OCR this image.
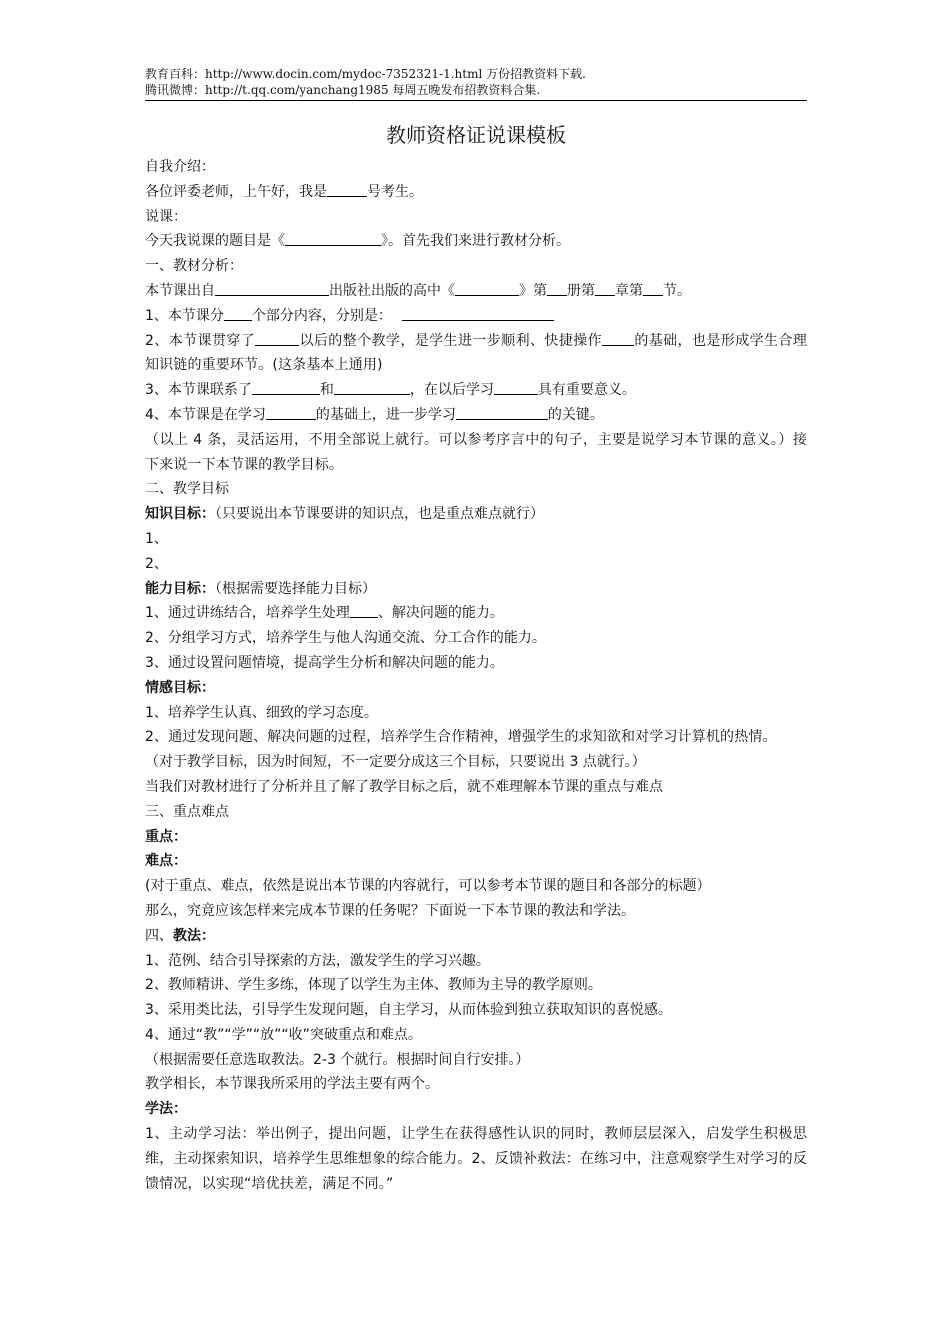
教育百科：http://www.docin.com/mydoc-7352321-1.html 万份招教资料下载.
腾讯微博：http://t.qq.com/yanchang1985 每周五晚发布招教资料合集.
教师资格证说课模板
自我介绍：
各位评委老师，上午好，我是	号考生。
说课：
今天我说课的题目是《	》。首先我们来进行教材分析。
一、教材分析：
本节课出自	出版社出版的高中《	》第 册第 章第 节。
1、本节课分 个部分内容，分别是：
2、本节课贯穿了	以后的整个教学，是学生进一步顺利、快捷操作 的基础，也是形成学生合理知识链的重要环节。(这条基本上通用)
3、本节课联系了	和	，在以后学习	具有重要意义。
4、本节课是在学习	的基础上，进一步学习	的关键。
（以上 4 条，灵活运用，不用全部说上就行。可以参考序言中的句子，主要是说学习本节课的意义。）接下来说一下本节课的教学目标。
二、教学目标
知识目标：（只要说出本节课要讲的知识点，也是重点难点就行）
1、
2、
能力目标：（根据需要选择能力目标）
1、通过讲练结合，培养学生处理 、解决问题的能力。
2、分组学习方式，培养学生与他人沟通交流、分工合作的能力。
3、通过设置问题情境，提高学生分析和解决问题的能力。
情感目标：
1、培养学生认真、细致的学习态度。
2、通过发现问题、解决问题的过程，培养学生合作精神，增强学生的求知欲和对学习计算机的热情。
（对于教学目标，因为时间短，不一定要分成这三个目标，只要说出 3 点就行。）
当我们对教材进行了分析并且了解了教学目标之后，就不难理解本节课的重点与难点
三、重点难点
重点：
难点：
(对于重点、难点，依然是说出本节课的内容就行，可以参考本节课的题目和各部分的标题）
那么，究竟应该怎样来完成本节课的任务呢？下面说一下本节课的教法和学法。
四、教法：
1、范例、结合引导探索的方法，激发学生的学习兴趣。
2、教师精讲、学生多练，体现了以学生为主体、教师为主导的教学原则。
3、采用类比法，引导学生发现问题，自主学习，从而体验到独立获取知识的喜悦感。
4、通过“教”“学”“放”“收”突破重点和难点。
（根据需要任意选取教法。2-3 个就行。根据时间自行安排。）
教学相长，本节课我所采用的学法主要有两个。
学法：
1、主动学习法：举出例子，提出问题，让学生在获得感性认识的同时，教师层层深入，启发学生积极思维，主动探索知识，培养学生思维想象的综合能力。2、反馈补救法：在练习中，注意观察学生对学习的反馈情况，以实现“培优扶差，满足不同。”
